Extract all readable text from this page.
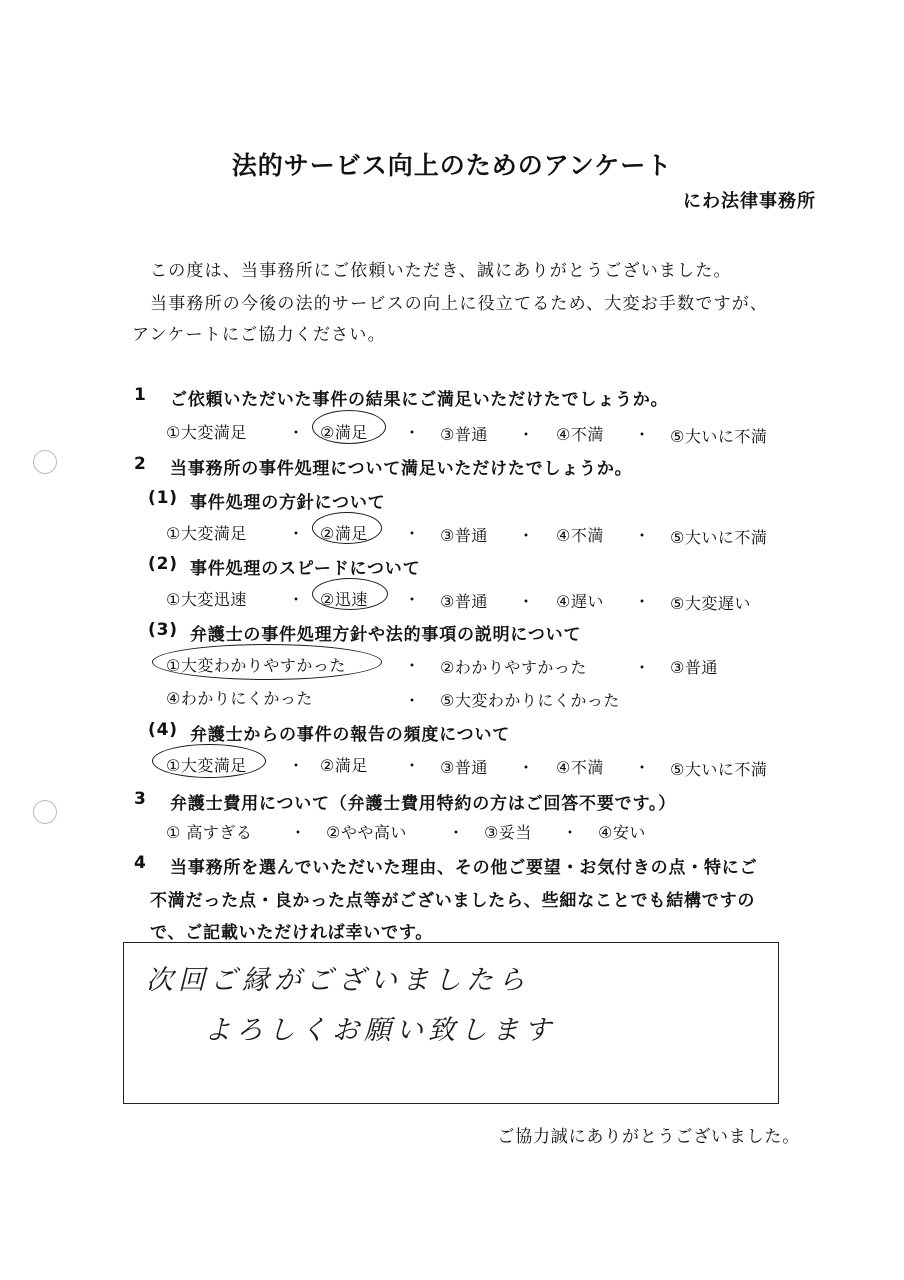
法的サービス向上のためのアンケート
にわ法律事務所
この度は、当事務所にご依頼いただき、誠にありがとうございました。
当事務所の今後の法的サービスの向上に役立てるため、大変お手数ですが、
アンケートにご協力ください。
1 ご依頼いただいた事件の結果にご満足いただけたでしょうか。
①大変満足	・ ②満足 ・ ③普通 ・ ④不満 ・ ⑤大いに不満
2 当事務所の事件処理について満足いただけたでしょうか。
(1) 事件処理の方針について
①大変満足	・ ②満足 ・ ③普通 ・ ④不満 ・ ⑤大いに不満
(2) 事件処理のスピードについて
①大変迅速	・ ②迅速 ・ ③普通 ・ ④遅い ・ ⑤大変遅い
(3) 弁護士の事件処理方針や法的事項の説明について
①大変わかりやすかった	・ ②わかりやすかった	・ ③普通
④わかりにくかった	・ ⑤大変わかりにくかった
(4) 弁護士からの事件の報告の頻度について
①大変満足	・ ②満足 ・ ③普通 ・ ④不満 ・ ⑤大いに不満
3 弁護士費用について（弁護士費用特約の方はご回答不要です。）
① 高すぎる ・ ②やや高い	・ ③妥当 ・ ④安い
4 当事務所を選んでいただいた理由、その他ご要望・お気付きの点・特にご
不満だった点・良かった点等がございましたら、些細なことでも結構ですの
で、ご記載いただければ幸いです。
次回ご縁がございましたら
よろしくお願い致します
ご協力誠にありがとうございました。
